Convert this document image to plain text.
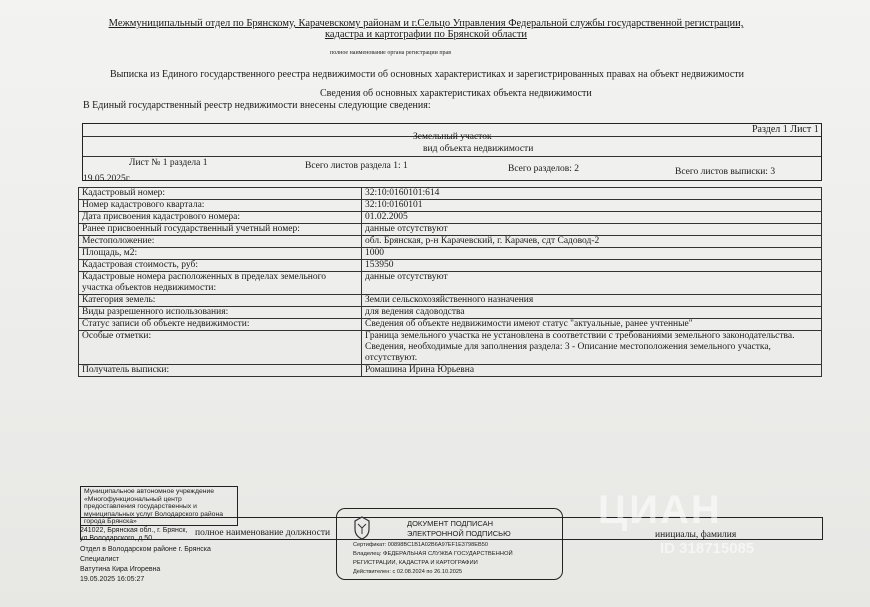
Межмуниципальный отдел по Брянскому, Карачевскому районам и г.Сельцо Управления Федеральной службы государственной регистрации, кадастра и картографии по Брянской области
полное наименование органа регистрации прав
Выписка из Единого государственного реестра недвижимости об основных характеристиках и зарегистрированных правах на объект недвижимости
Сведения об основных характеристиках объекта недвижимости
В Единый государственный реестр недвижимости внесены следующие сведения:
Раздел 1 Лист 1
Земельный участок
вид объекта недвижимости
Лист № 1 раздела 1	Всего листов раздела 1: 1	Всего разделов: 2	Всего листов выписки: 3
19.05.2025г.
Кадастровый номер:	32:10:0160101:614
Номер кадастрового квартала:	32:10:0160101
Дата присвоения кадастрового номера:	01.02.2005
Ранее присвоенный государственный учетный номер:	данные отсутствуют
Местоположение:	обл. Брянская, р-н Карачевский, г. Карачев, сдт Садовод-2
Площадь, м2:	1000
Кадастровая стоимость, руб:	153950
Кадастровые номера расположенных в пределах земельного участка объектов недвижимости:	данные отсутствуют
Категория земель:	Земли сельскохозяйственного назначения
Виды разрешенного использования:	для ведения садоводства
Статус записи об объекте недвижимости:	Сведения об объекте недвижимости имеют статус "актуальные, ранее учтенные"
Особые отметки:	Граница земельного участка не установлена в соответствии с требованиями земельного законодательства. Сведения, необходимые для заполнения раздела: 3 - Описание местоположения земельного участка, отсутствуют.
Получатель выписки:	Ромашина Ирина Юрьевна
полное наименование должности	инициалы, фамилия
Муниципальное автономное учреждение «Многофункциональный центр предоставления государственных и муниципальных услуг Володарского района города Брянска»
241022, Брянская обл., г. Брянск, ул.Володарского, д.50
Отдел в Володарском районе г. Брянска
Специалист
Ватутина Кира Игоревна
19.05.2025 16:05:27
ДОКУМЕНТ ПОДПИСАН
ЭЛЕКТРОННОЙ ПОДПИСЬЮ
Сертификат: 00898BC1B1A02B6A97EF1E3798EB50
Владелец: ФЕДЕРАЛЬНАЯ СЛУЖБА ГОСУДАРСТВЕННОЙ
РЕГИСТРАЦИИ, КАДАСТРА И КАРТОГРАФИИ
Действителен: с 02.08.2024 по 26.10.2025
ЦИАН
ID 318715085
